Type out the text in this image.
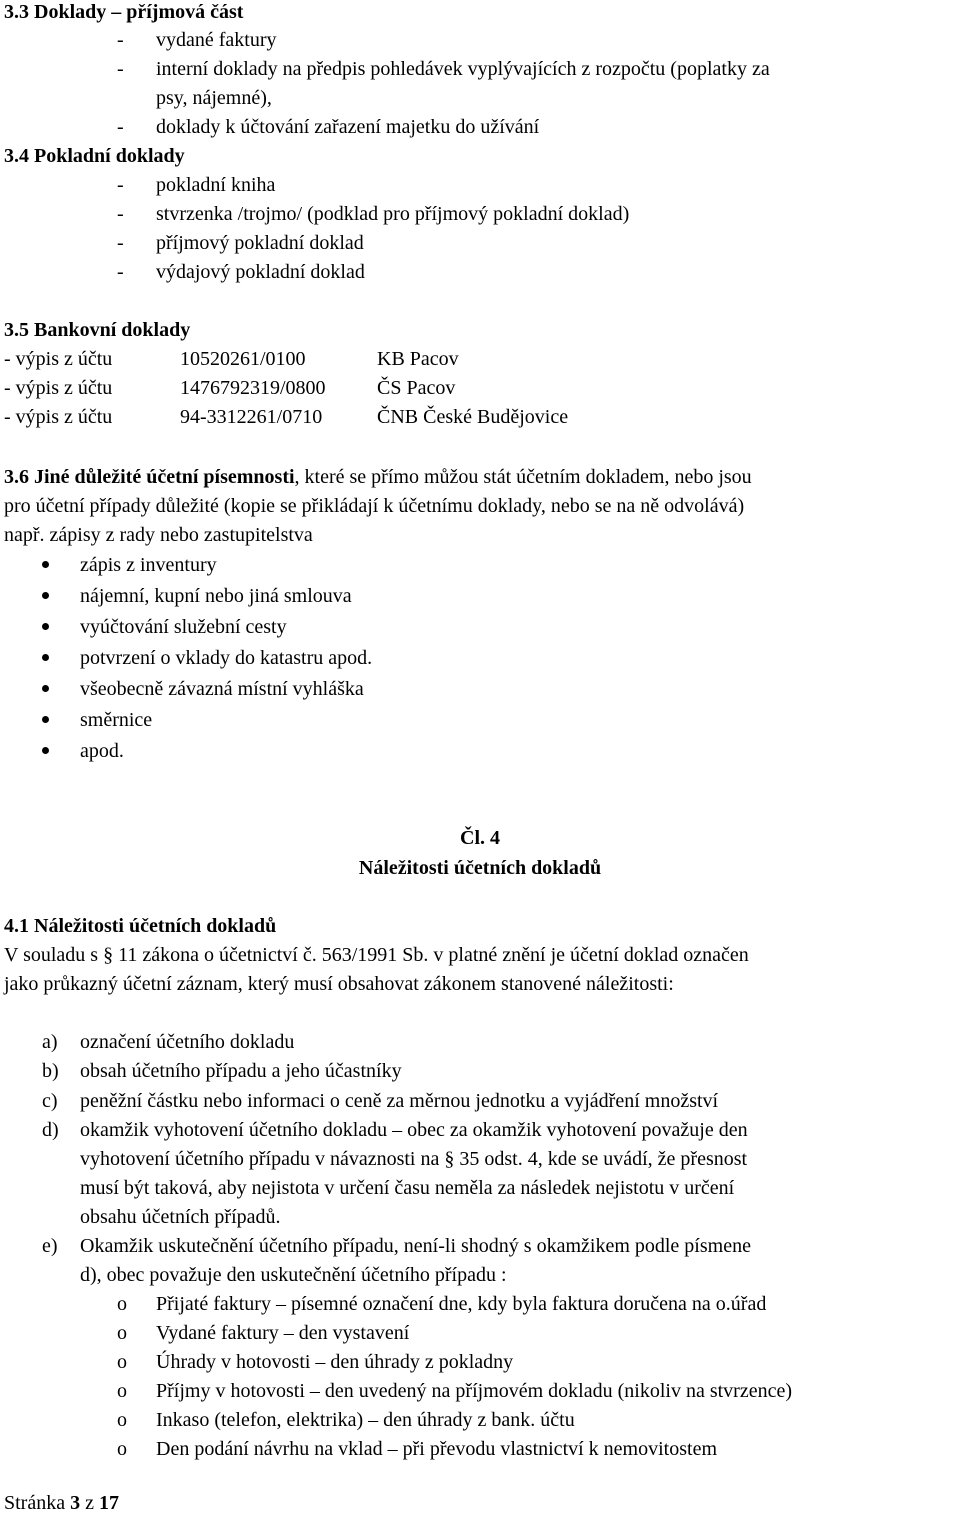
3.3 Doklady – příjmová část
- vydané faktury
- interní doklady na předpis pohledávek vyplývajících z rozpočtu (poplatky za
psy, nájemné),
- doklady k účtování zařazení majetku do užívání
3.4 Pokladní doklady
- pokladní kniha
- stvrzenka /trojmo/ (podklad pro příjmový pokladní doklad)
- příjmový pokladní doklad
- výdajový pokladní doklad
3.5 Bankovní doklady
- výpis z účtu	10520261/0100	KB Pacov
- výpis z účtu	1476792319/0800	ČS Pacov
- výpis z účtu	94-3312261/0710	ČNB České Budějovice
3.6 Jiné důležité účetní písemnosti, které se přímo můžou stát účetním dokladem, nebo jsou
pro účetní případy důležité (kopie se přikládají k účetnímu doklady, nebo se na ně odvolává)
např. zápisy z rady nebo zastupitelstva
zápis z inventury
nájemní, kupní nebo jiná smlouva
vyúčtování služební cesty
potvrzení o vklady do katastru apod.
všeobecně závazná místní vyhláška
směrnice
apod.
Čl. 4
Náležitosti účetních dokladů
4.1 Náležitosti účetních dokladů
V souladu s § 11 zákona o účetnictví č. 563/1991 Sb. v platné znění je účetní doklad označen
jako průkazný účetní záznam, který musí obsahovat zákonem stanovené náležitosti:
a) označení účetního dokladu
b) obsah účetního případu a jeho účastníky
c) peněžní částku nebo informaci o ceně za měrnou jednotku a vyjádření množství
d) okamžik vyhotovení účetního dokladu – obec za okamžik vyhotovení považuje den
vyhotovení účetního případu v návaznosti na § 35 odst. 4, kde se uvádí, že přesnost
musí být taková, aby nejistota v určení času neměla za následek nejistotu v určení
obsahu účetních případů.
e) Okamžik uskutečnění účetního případu, není-li shodný s okamžikem podle písmene
d), obec považuje den uskutečnění účetního případu :
o Přijaté faktury – písemné označení dne, kdy byla faktura doručena na o.úřad
o Vydané faktury – den vystavení
o Úhrady v hotovosti – den úhrady z pokladny
o Příjmy v hotovosti – den uvedený na příjmovém dokladu (nikoliv na stvrzence)
o Inkaso (telefon, elektrika) – den úhrady z bank. účtu
o Den podání návrhu na vklad – při převodu vlastnictví k nemovitostem
Stránka 3 z 17
